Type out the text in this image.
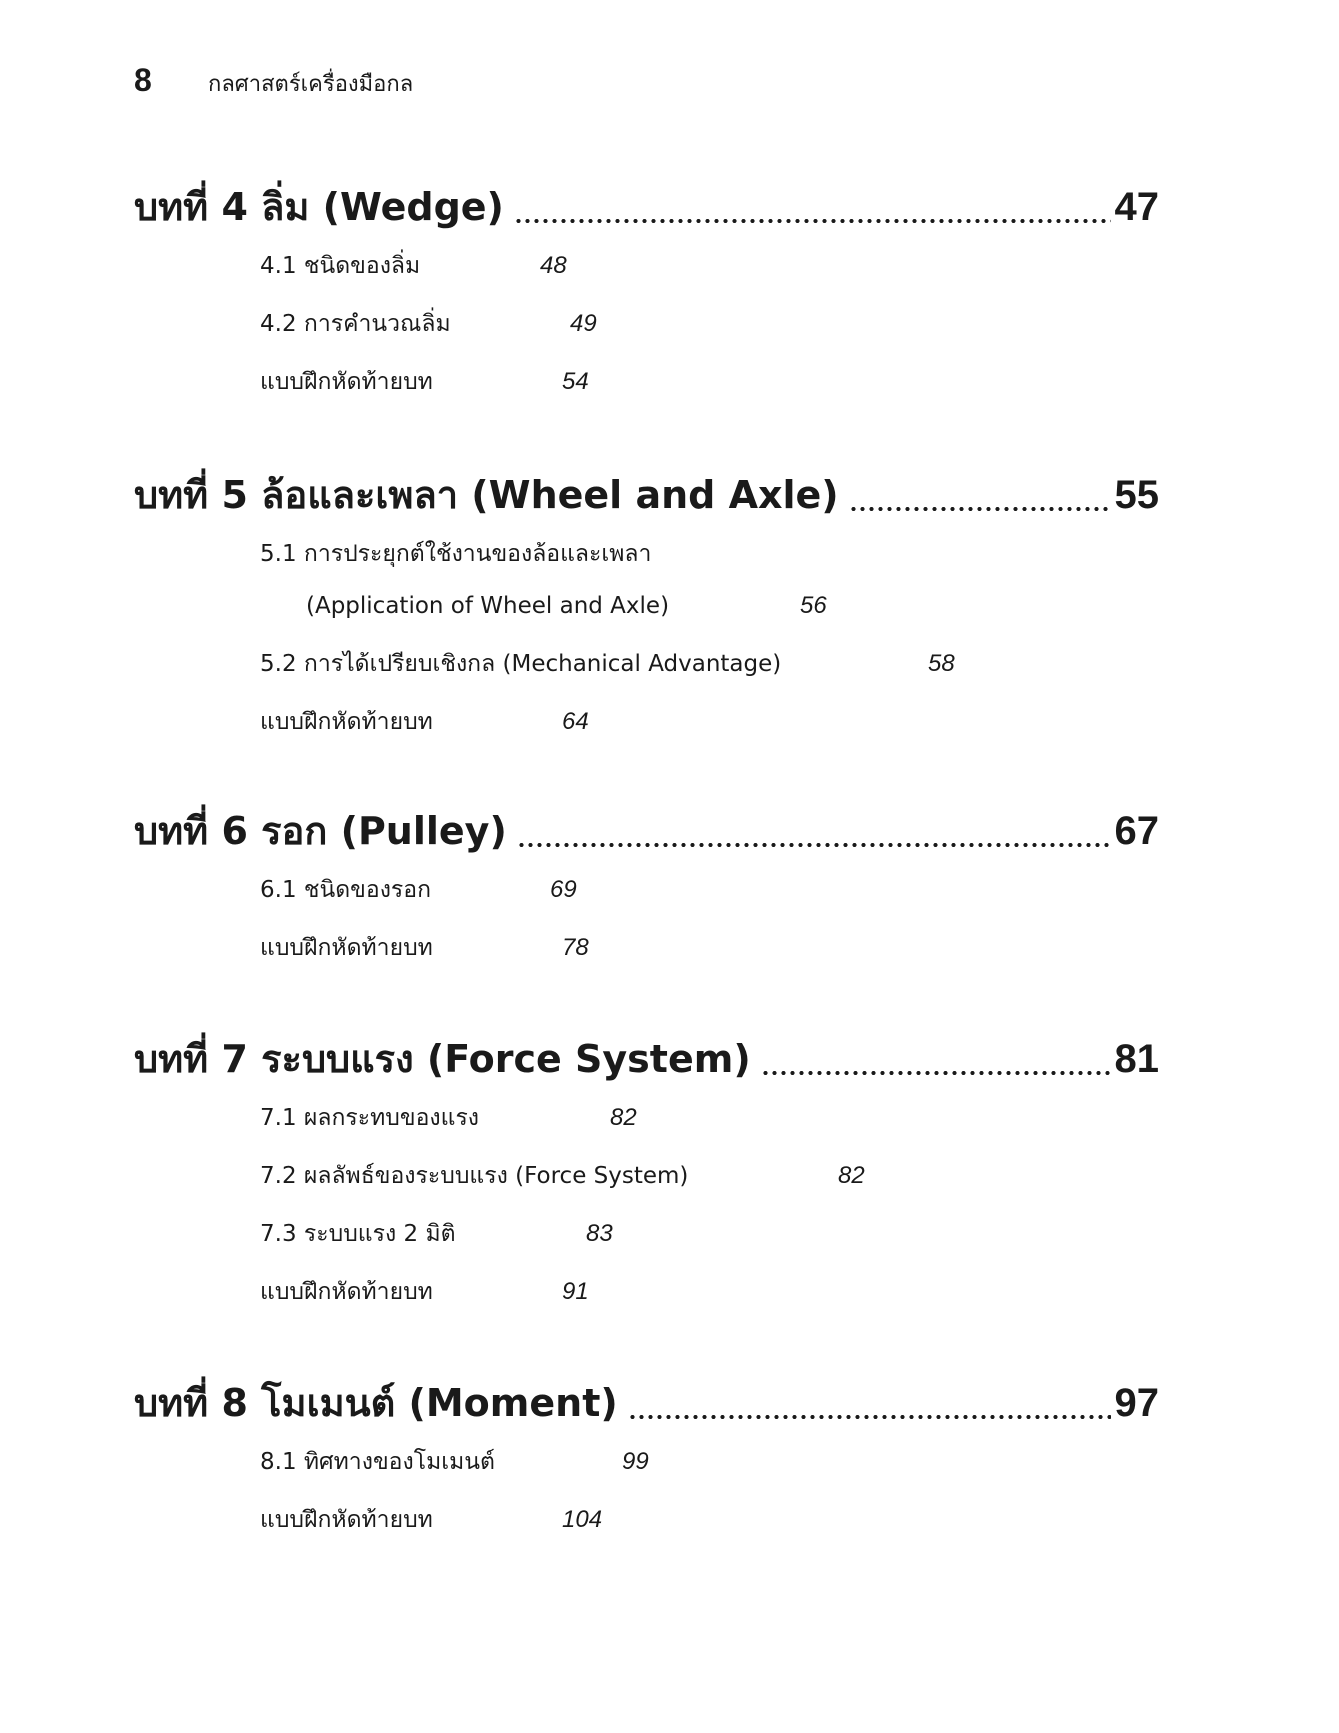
8	กลศาสตร์เครื่องมือกล
บทที่ 4 ลิ่ม (Wedge)	47
4.1 ชนิดของลิ่ม	48
4.2 การคำนวณลิ่ม	49
แบบฝึกหัดท้ายบท	54
บทที่ 5 ล้อและเพลา (Wheel and Axle)	55
5.1 การประยุกต์ใช้งานของล้อและเพลา
(Application of Wheel and Axle)	56
5.2 การได้เปรียบเชิงกล (Mechanical Advantage)	58
แบบฝึกหัดท้ายบท	64
บทที่ 6 รอก (Pulley)	67
6.1 ชนิดของรอก	69
แบบฝึกหัดท้ายบท	78
บทที่ 7 ระบบแรง (Force System)	81
7.1 ผลกระทบของแรง	82
7.2 ผลลัพธ์ของระบบแรง (Force System)	82
7.3 ระบบแรง 2 มิติ	83
แบบฝึกหัดท้ายบท	91
บทที่ 8 โมเมนต์ (Moment)	97
8.1 ทิศทางของโมเมนต์	99
แบบฝึกหัดท้ายบท	104
